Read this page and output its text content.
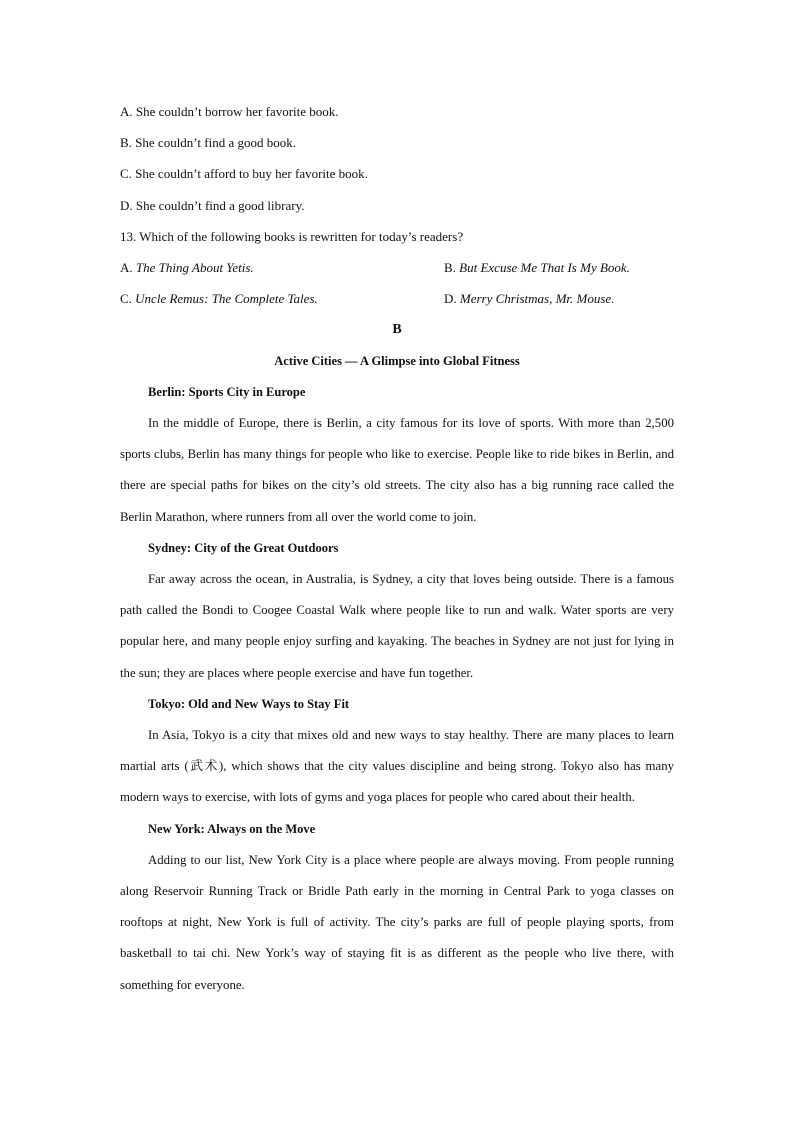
A. She couldn’t borrow her favorite book.

B. She couldn’t find a good book.

C. She couldn’t afford to buy her favorite book.

D. She couldn’t find a good library.

13. Which of the following books is rewritten for today’s readers?

A. The Thing About Yetis.	B. But Excuse Me That Is My Book.
C. Uncle Remus: The Complete Tales.	D. Merry Christmas, Mr. Mouse.

B

Active Cities — A Glimpse into Global Fitness

Berlin: Sports City in Europe

In the middle of Europe, there is Berlin, a city famous for its love of sports. With more than 2,500 sports clubs, Berlin has many things for people who like to exercise. People like to ride bikes in Berlin, and there are special paths for bikes on the city’s old streets. The city also has a big running race called the Berlin Marathon, where runners from all over the world come to join.

Sydney: City of the Great Outdoors

Far away across the ocean, in Australia, is Sydney, a city that loves being outside. There is a famous path called the Bondi to Coogee Coastal Walk where people like to run and walk. Water sports are very popular here, and many people enjoy surfing and kayaking. The beaches in Sydney are not just for lying in the sun; they are places where people exercise and have fun together.

Tokyo: Old and New Ways to Stay Fit

In Asia, Tokyo is a city that mixes old and new ways to stay healthy. There are many places to learn martial arts (武术), which shows that the city values discipline and being strong. Tokyo also has many modern ways to exercise, with lots of gyms and yoga places for people who cared about their health.

New York: Always on the Move

Adding to our list, New York City is a place where people are always moving. From people running along Reservoir Running Track or Bridle Path early in the morning in Central Park to yoga classes on rooftops at night, New York is full of activity. The city’s parks are full of people playing sports, from basketball to tai chi. New York’s way of staying fit is as different as the people who live there, with something for everyone.
